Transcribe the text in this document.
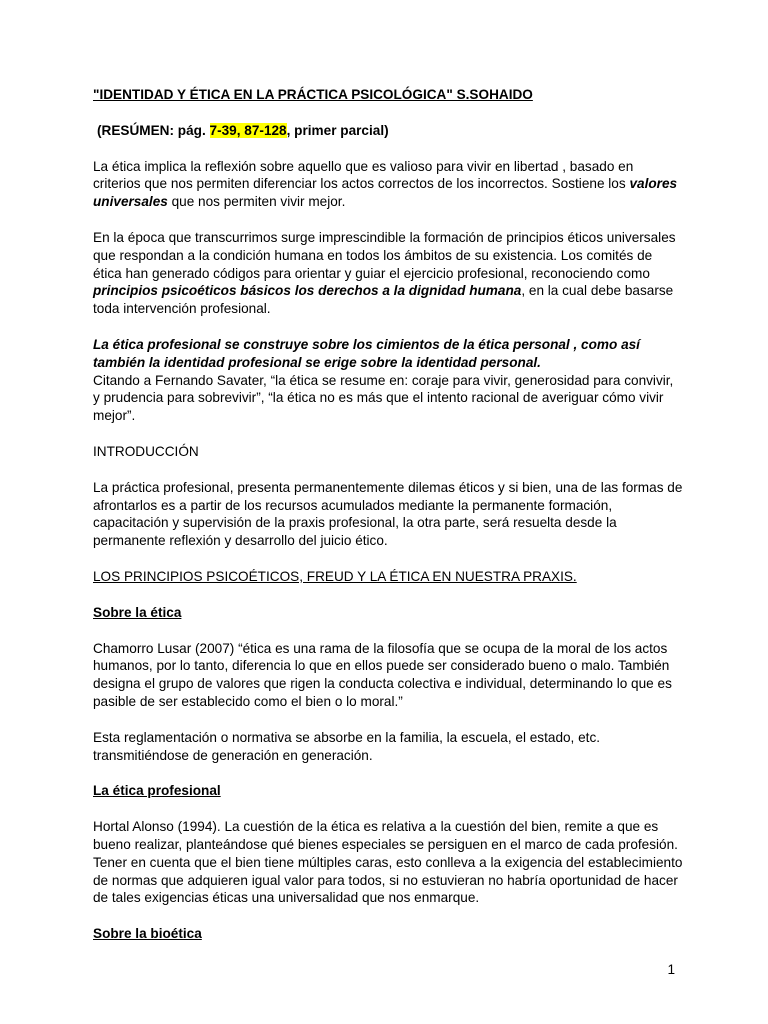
"IDENTIDAD Y ÉTICA EN LA PRÁCTICA PSICOLÓGICA" S.SOHAIDO

(RESÚMEN: pág. 7-39, 87-128, primer parcial)

La ética implica la reflexión sobre aquello que es valioso para vivir en libertad , basado en criterios que nos permiten diferenciar los actos correctos de los incorrectos. Sostiene los valores universales que nos permiten vivir mejor.

En la época que transcurrimos surge imprescindible la formación de principios éticos universales que respondan a la condición humana en todos los ámbitos de su existencia. Los comités de ética han generado códigos para orientar y guiar el ejercicio profesional, reconociendo como principios psicoéticos básicos los derechos a la dignidad humana, en la cual debe basarse toda intervención profesional.

La ética profesional se construye sobre los cimientos de la ética personal , como así también la identidad profesional se erige sobre la identidad personal.

Citando a Fernando Savater, “la ética se resume en: coraje para vivir, generosidad para convivir, y prudencia para sobrevivir”, “la ética no es más que el intento racional de averiguar cómo vivir mejor”.

INTRODUCCIÓN

La práctica profesional, presenta permanentemente dilemas éticos y si bien, una de las formas de afrontarlos es a partir de los recursos acumulados mediante la permanente formación, capacitación y supervisión de la praxis profesional, la otra parte, será resuelta desde la permanente reflexión y desarrollo del juicio ético.

LOS PRINCIPIOS PSICOÉTICOS, FREUD Y LA ÉTICA EN NUESTRA PRAXIS.

Sobre la ética

Chamorro Lusar (2007) “ética es una rama de la filosofía que se ocupa de la moral de los actos humanos, por lo tanto, diferencia lo que en ellos puede ser considerado bueno o malo. También designa el grupo de valores que rigen la conducta colectiva e individual, determinando lo que es pasible de ser establecido como el bien o lo moral.”

Esta reglamentación o normativa se absorbe en la familia, la escuela, el estado, etc. transmitiéndose de generación en generación.

La ética profesional

Hortal Alonso (1994). La cuestión de la ética es relativa a la cuestión del bien, remite a que es bueno realizar, planteándose qué bienes especiales se persiguen en el marco de cada profesión. Tener en cuenta que el bien tiene múltiples caras, esto conlleva a la exigencia del establecimiento de normas que adquieren igual valor para todos, si no estuvieran no habría oportunidad de hacer de tales exigencias éticas una universalidad que nos enmarque.

Sobre la bioética

1
